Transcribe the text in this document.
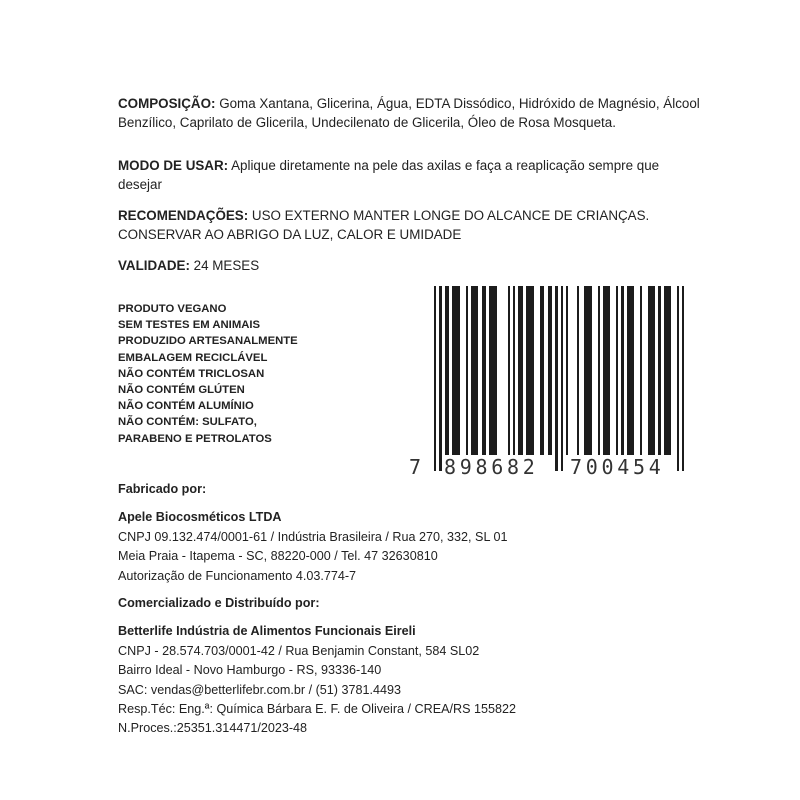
COMPOSIÇÃO: Goma Xantana, Glicerina, Água, EDTA Dissódico, Hidróxido de Magnésio, Álcool Benzílico, Caprilato de Glicerila, Undecilenato de Glicerila, Óleo de Rosa Mosqueta.
MODO DE USAR: Aplique diretamente na pele das axilas e faça a reaplicação sempre que desejar
RECOMENDAÇÕES: USO EXTERNO MANTER LONGE DO ALCANCE DE CRIANÇAS. CONSERVAR AO ABRIGO DA LUZ, CALOR E UMIDADE
VALIDADE: 24 MESES
PRODUTO VEGANO
SEM TESTES EM ANIMAIS
PRODUZIDO ARTESANALMENTE
EMBALAGEM RECICLÁVEL
NÃO CONTÉM TRICLOSAN
NÃO CONTÉM GLÚTEN
NÃO CONTÉM ALUMÍNIO
NÃO CONTÉM: SULFATO,
PARABENO E PETROLATOS
7 898682 700454
Fabricado por:
Apele Biocosméticos LTDA
CNPJ 09.132.474/0001-61 / Indústria Brasileira / Rua 270, 332, SL 01
Meia Praia - Itapema - SC, 88220-000 / Tel. 47 32630810
Autorização de Funcionamento 4.03.774-7
Comercializado e Distribuído por:
Betterlife Indústria de Alimentos Funcionais Eireli
CNPJ - 28.574.703/0001-42 / Rua Benjamin Constant, 584 SL02
Bairro Ideal - Novo Hamburgo - RS, 93336-140
SAC: vendas@betterlifebr.com.br / (51) 3781.4493
Resp.Téc: Eng.ª: Química Bárbara E. F. de Oliveira / CREA/RS 155822
N.Proces.:25351.314471/2023-48
